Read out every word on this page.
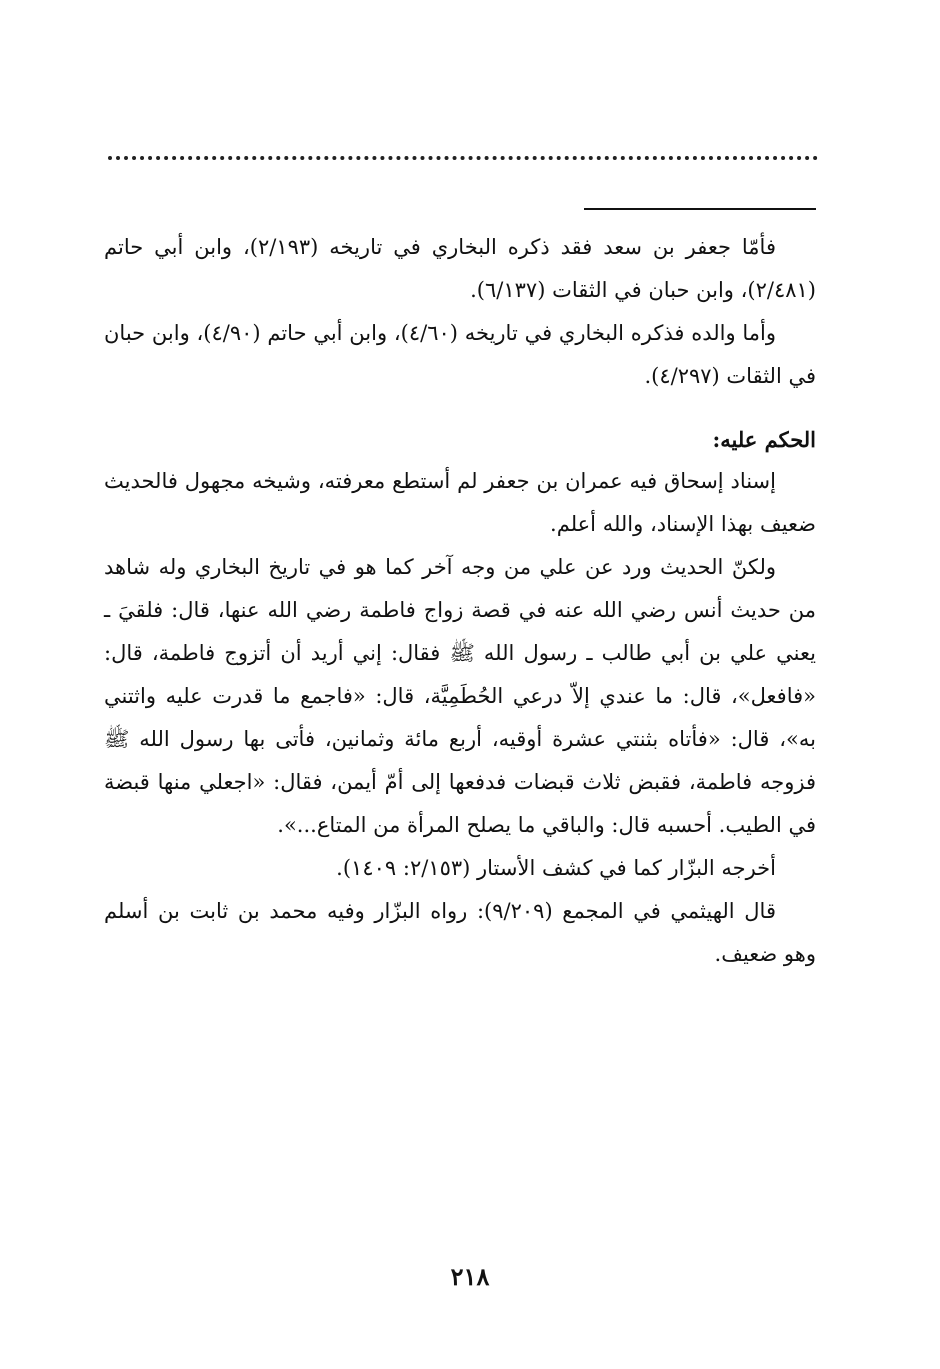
فأمّا جعفر بن سعد فقد ذكره البخاري في تاريخه (٢/١٩٣)، وابن أبي حاتم (٢/٤٨١)، وابن حبان في الثقات (٦/١٣٧).

وأما والده فذكره البخاري في تاريخه (٤/٦٠)، وابن أبي حاتم (٤/٩٠)، وابن حبان في الثقات (٤/٢٩٧).

الحكم عليه:

إسناد إسحاق فيه عمران بن جعفر لم أستطع معرفته، وشيخه مجهول فالحديث ضعيف بهذا الإسناد، والله أعلم.

ولكنّ الحديث ورد عن علي من وجه آخر كما هو في تاريخ البخاري وله شاهد من حديث أنس رضي الله عنه في قصة زواج فاطمة رضي الله عنها، قال: فلقيَ ـ يعني علي بن أبي طالب ـ رسول الله ﷺ فقال: إني أريد أن أتزوج فاطمة، قال: «فافعل»، قال: ما عندي إلاّ درعي الحُطَمِيَّة، قال: «فاجمع ما قدرت عليه واثتني به»، قال: «فأتاه بثنتي عشرة أوقيه، أربع مائة وثمانين، فأتى بها رسول الله ﷺ فزوجه فاطمة، فقبض ثلاث قبضات فدفعها إلى أمّ أيمن، فقال: «اجعلي منها قبضة في الطيب. أحسبه قال: والباقي ما يصلح المرأة من المتاع...».

أخرجه البزّار كما في كشف الأستار (٢/١٥٣: ١٤٠٩).

قال الهيثمي في المجمع (٩/٢٠٩): رواه البزّار وفيه محمد بن ثابت بن أسلم وهو ضعيف.

٢١٨
